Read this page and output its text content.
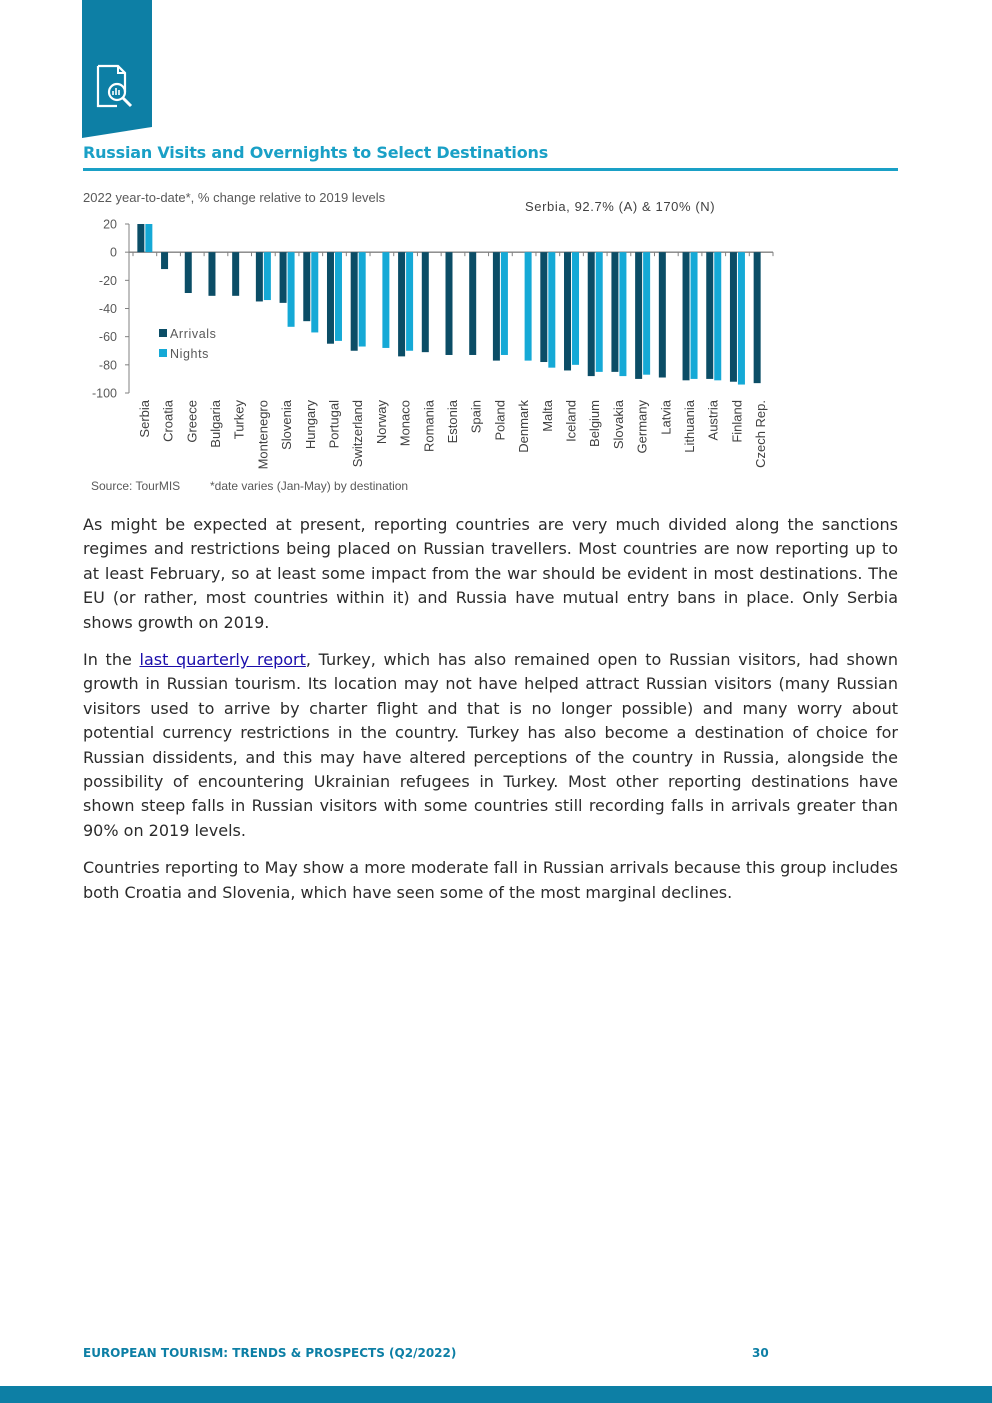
Russian Visits and Overnights to Select Destinations
2022 year-to-date*, % change relative to 2019 levels
Serbia, 92.7% (A) & 170% (N)
20
0
-20
-40
-60
-80
-100
Serbia Croatia Greece Bulgaria Turkey Montenegro Slovenia Hungary Portugal Switzerland Norway Monaco Romania Estonia Spain Poland Denmark Malta Iceland Belgium Slovakia Germany Latvia Lithuania Austria Finland Czech Rep.
Arrivals
Nights
Source: TourMIS *date varies (Jan-May) by destination

As might be expected at present, reporting countries are very much divided along the sanctions regimes and restrictions being placed on Russian travellers. Most countries are now reporting up to at least February, so at least some impact from the war should be evident in most destinations. The EU (or rather, most countries within it) and Russia have mutual entry bans in place. Only Serbia shows growth on 2019.

In the last quarterly report, Turkey, which has also remained open to Russian visitors, had shown growth in Russian tourism. Its location may not have helped attract Russian visitors (many Russian visitors used to arrive by charter flight and that is no longer possible) and many worry about potential currency restrictions in the country. Turkey has also become a destination of choice for Russian dissidents, and this may have altered perceptions of the country in Russia, alongside the possibility of encountering Ukrainian refugees in Turkey. Most other reporting destinations have shown steep falls in Russian visitors with some countries still recording falls in arrivals greater than 90% on 2019 levels.

Countries reporting to May show a more moderate fall in Russian arrivals because this group includes both Croatia and Slovenia, which have seen some of the most marginal declines.

EUROPEAN TOURISM: TRENDS & PROSPECTS (Q2/2022)	30
